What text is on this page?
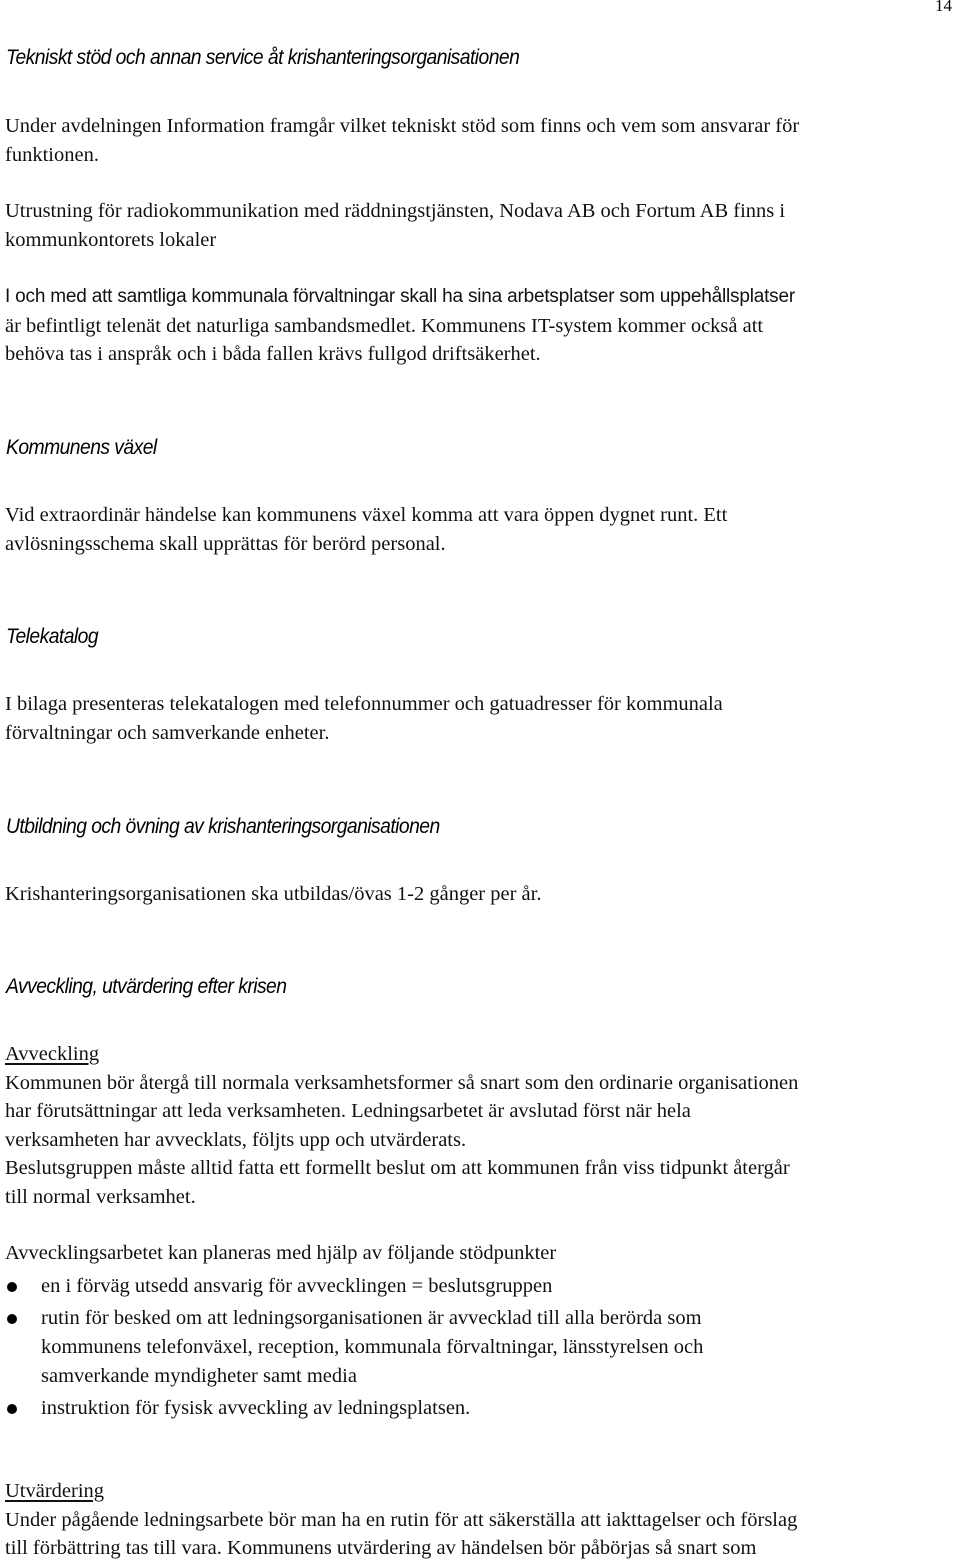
14
Tekniskt stöd och annan service åt krishanteringsorganisationen

Under avdelningen Information framgår vilket tekniskt stöd som finns och vem som ansvarar för
funktionen.

Utrustning för radiokommunikation med räddningstjänsten, Nodava AB och Fortum AB finns i
kommunkontorets lokaler

I och med att samtliga kommunala förvaltningar skall ha sina arbetsplatser som uppehållsplatser
är befintligt telenät det naturliga sambandsmedlet. Kommunens IT-system kommer också att
behöva tas i anspråk och i båda fallen krävs fullgod driftsäkerhet.

Kommunens växel

Vid extraordinär händelse kan kommunens växel komma att vara öppen dygnet runt. Ett
avlösningsschema skall upprättas för berörd personal.

Telekatalog

I bilaga presenteras telekatalogen med telefonnummer och gatuadresser för kommunala
förvaltningar och samverkande enheter.

Utbildning och övning av krishanteringsorganisationen

Krishanteringsorganisationen ska utbildas/övas 1-2 gånger per år.

Avveckling, utvärdering efter krisen

Avveckling
Kommunen bör återgå till normala verksamhetsformer så snart som den ordinarie organisationen
har förutsättningar att leda verksamheten. Ledningsarbetet är avslutad först när hela
verksamheten har avvecklats, följts upp och utvärderats.
Beslutsgruppen måste alltid fatta ett formellt beslut om att kommunen från viss tidpunkt återgår
till normal verksamhet.

Avvecklingsarbetet kan planeras med hjälp av följande stödpunkter

en i förväg utsedd ansvarig för avvecklingen = beslutsgruppen
rutin för besked om att ledningsorganisationen är avvecklad till alla berörda som
kommunens telefonväxel, reception, kommunala förvaltningar, länsstyrelsen och
samverkande myndigheter samt media
instruktion för fysisk avveckling av ledningsplatsen.

Utvärdering
Under pågående ledningsarbete bör man ha en rutin för att säkerställa att iakttagelser och förslag
till förbättring tas till vara. Kommunens utvärdering av händelsen bör påbörjas så snart som
